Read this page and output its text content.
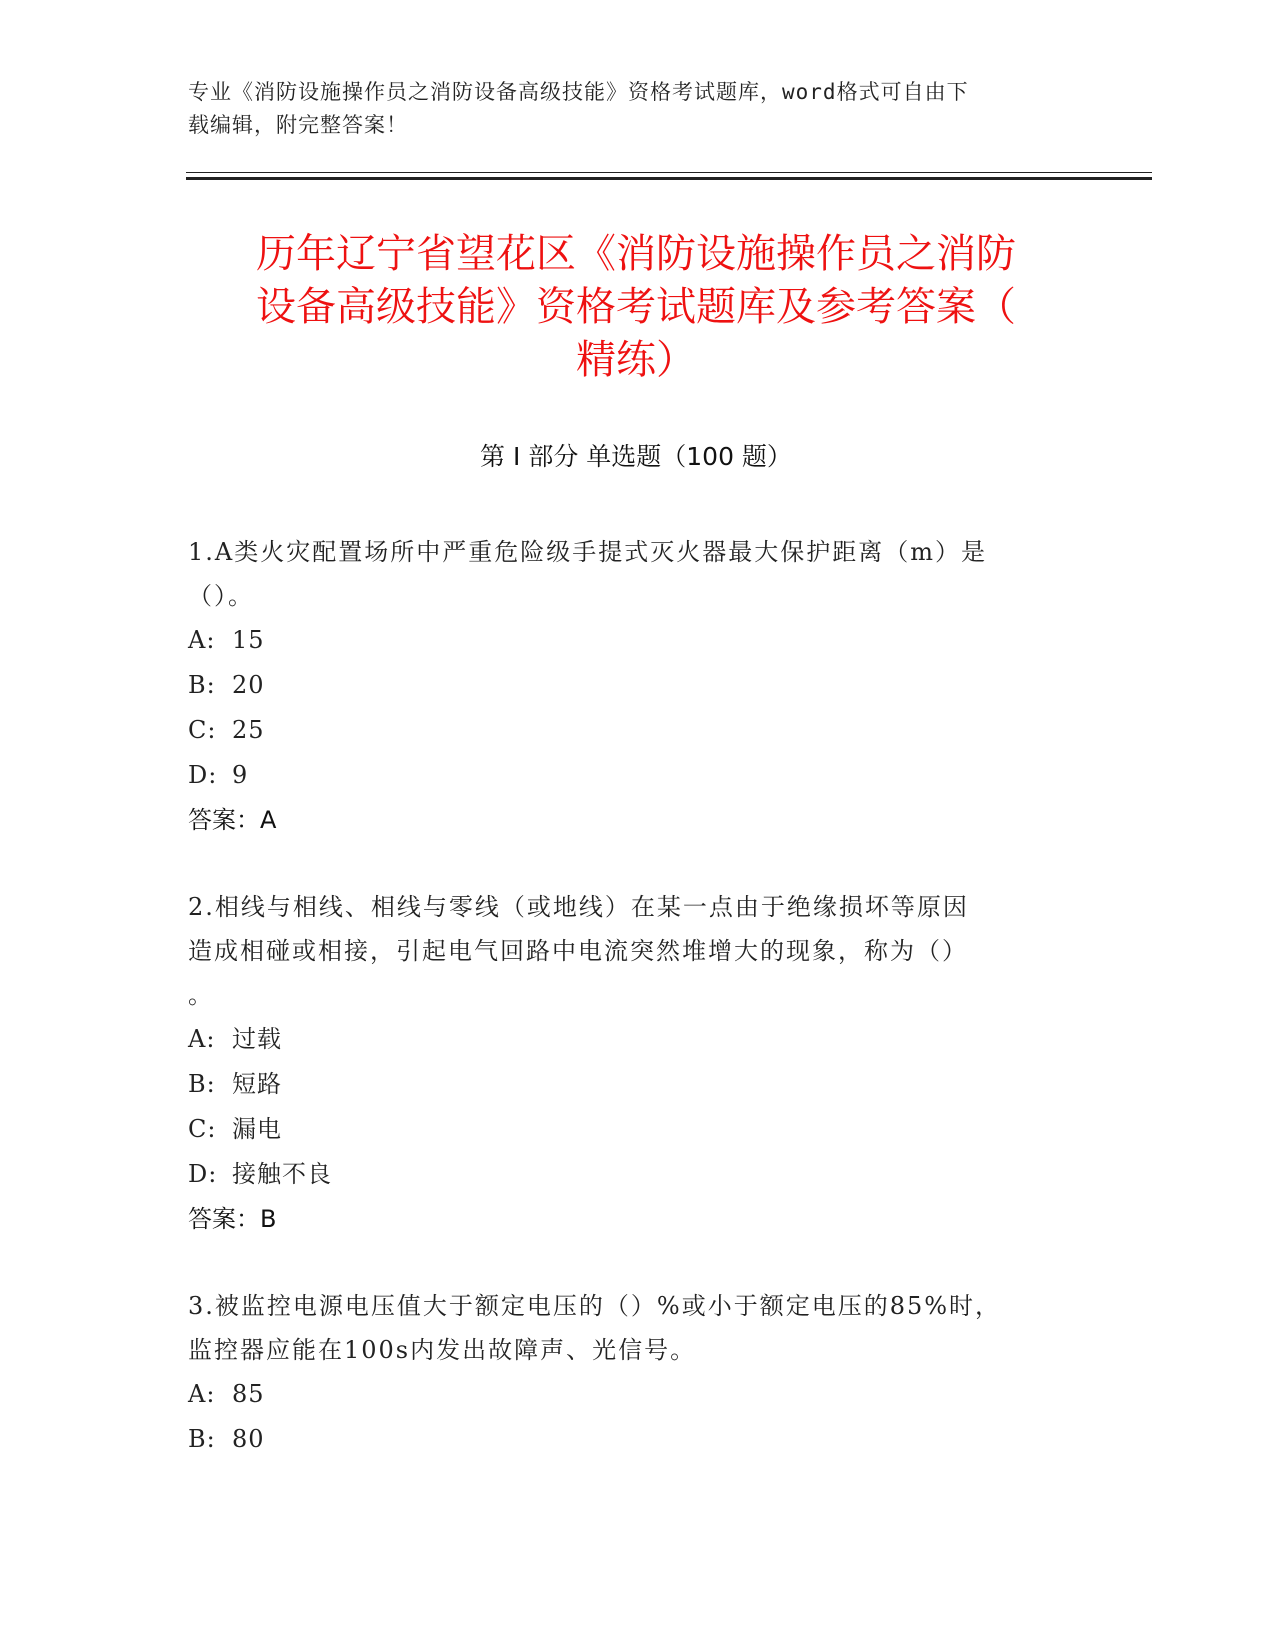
专业《消防设施操作员之消防设备高级技能》资格考试题库，word格式可自由下
载编辑，附完整答案！
历年辽宁省望花区《消防设施操作员之消防
设备高级技能》资格考试题库及参考答案（
精练）
第 I 部分 单选题（100 题）

1.A类火灾配置场所中严重危险级手提式灭火器最大保护距离（m）是

（）。

A: 15

B: 20

C: 25

D: 9

答案：A

2.相线与相线、相线与零线（或地线）在某一点由于绝缘损坏等原因

造成相碰或相接，引起电气回路中电流突然堆增大的现象，称为（）

。

A: 过载

B: 短路

C: 漏电

D: 接触不良

答案：B

3.被监控电源电压值大于额定电压的（）%或小于额定电压的85%时，

监控器应能在100s内发出故障声、光信号。

A: 85

B: 80
